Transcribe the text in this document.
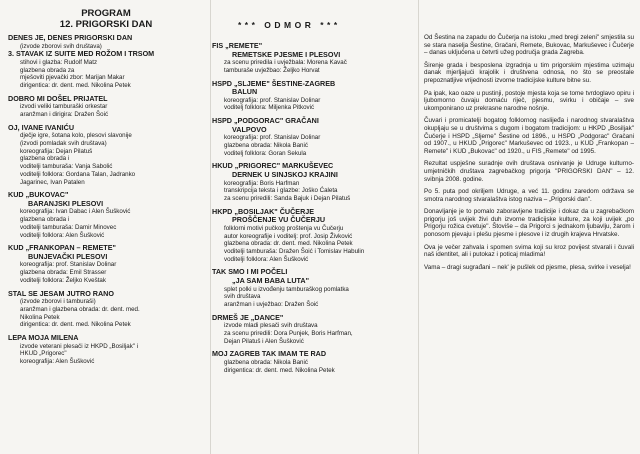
PROGRAM
12. PRIGORSKI DAN
DENES JE, DENES PRIGORSKI DAN
(izvode zborovi svih društava)
3. STAVAK IZ SUITE MED ROŽOM I TRSOM
stihovi i glazba: Rudolf Matz
glazbena obrada za
mješoviti pjevački zbor: Marijan Makar
dirigentica: dr. dent. med. Nikolina Petek
DOBRO MI DOŠEL PRIJATEL
izvodi veliki tamburaški orkestar
aranžman i dirigira: Dražen Šoić
OJ, IVANE IVANIĆU
dječje igre, šotana kolo, plesovi slavonije
(izvodi pomladak svih društava)
koreografija: Dejan Pilatuš
glazbena obrada i
voditelji tamburaša: Vanja Sabolić
voditelji folklora: Gordana Talan, Jadranko
Jagarinec, Ivan Patalen
KUD „BUKOVAC"
BARANJSKI PLESOVI
koreografija: Ivan Dabac i Alen Šušković
glazbena obrada i
voditelji tamburaša: Damir Minovec
voditelji folklora: Alen Šušković
KUD „FRANKOPAN – REMETE"
BUNJEVAČKI PLESOVI
koreografija: prof. Stanislav Dolinar
glazbena obrada: Emil Strasser
voditelji folklora: Željko Kveštak
STAL SE JESAM JUTRO RANO
(izvode zborovi i tamburaši)
aranžman i glazbena obrada: dr. dent. med.
Nikolina Petek
dirigentica: dr. dent. med. Nikolina Petek
LEPA MOJA MILENA
izvode veterani plesači iz HKPD „Bosiljak" i
HKUD „Prigorec"
koreografija: Alen Šušković
*** ODMOR ***
FIS „REMETE"
REMETSKE PJESME I PLESOVI
za scenu priredila i uvježbala: Morena Kavač
tamburaše uvježbao: Željko Horvat
HSPD „SLJEME" ŠESTINE-ZAGREB
BALUN
koreografija: prof. Stanislav Dolinar
voditelj folklora: Miljenka Pitković
HSPD „PODGORAC" GRAČANI
VALPOVO
koreografija: prof. Stanislav Dolinar
glazbena obrada: Nikola Banić
voditelj folklora: Goran Sekula
HKUD „PRIGOREC" MARKUŠEVEC
DERNEK U SINJSKOJ KRAJINI
koreografija: Boris Harfman
transkripcija teksta i glazbe: Joško Ćaleta
za scenu priredili: Sanda Bajuk i Dejan Pilatuš
HKPD „BOSILJAK" ČUČERJE
PROŠČENJE VU ČUČERJU
folklorni motivi pučkog proštenja vu Čučerju
autor koreografije i voditelj: prof. Josip Živković
glazbena obrada: dr. dent. med. Nikolina Petek
voditelji tamburaša: Dražen Šoić i Tomislav Habulin
voditelji folklora: Alen Šušković
TAK SMO I MI POČELI
„JA SAM BABA LUTA"
splet polki u izvođenju tamburaškog pomlatka
svih društava
aranžman i uvježbao: Dražen Šoić
DRMEŠ JE „DANCE"
izvode mladi plesači svih društava
za scenu priredili: Dora Punjek, Boris Harfman,
Dejan Pilatuš i Alen Šušković
MOJ ZAGREB TAK IMAM TE RAD
glazbena obrada: Nikola Banić
dirigentica: dr. dent. med. Nikolina Petek

Od Šestina na zapadu do Čučerja na istoku „med bregi zeleni" smjestila su se stara naselja Šestine, Gračani, Remete, Bukovac, Markuševec i Čučerje – danas uključena u četvrti užeg područja grada Zagreba.

Širenje grada i besposlena izgradnja u tim prigorskim mjestima uzimaju danak mjerljajući krajolik i društvena odnosa, no što se preostale prepoznatljive vrijednosti izvorne tradicijske kulture bitne su.

Pa ipak, kao oaze u pustinji, postoje mjesta koja se tome tvrdoglavo opiru i ljubomorno čuvaju domaću riječ, pjesmu, svirku i običaje – sve ukomponirano uz prekrasne narodne nošnje.

Čuvari i promicatelji bogatog folklornog naslijeđa i narodnog stvaralaštva okupljaju se u društvima s dugom i bogatom tradicijom: u HKPD „Bosiljak" Čučerje i HSPD „Sljeme" Šestine od 1896., u HSPD „Podgorac" Gračani od 1907., u HKUD „Prigorec" Markuševec od 1923., u KUD „Frankopan – Remete" i KUD „Bukovac" od 1920., u FIS „Remete" od 1995.

Rezultat uspješne suradnje ovih društava osnivanje je Udruge kulturno-umjetničkih društava zagrebačkog prigorja "PRIGORSKI DAN" – 12. svibnja 2008. godine.

Po 5. puta pod okriljem Udruge, a već 11. godinu zaredom održava se smotra narodnog stvaralaštva istog naziva – „Prigorski dan".

Donavljanje je to pomalo zaboravljene tradicije i dokaz da u zagrebačkom prigorju još uvijek živi duh izvorne tradicijske kulture, za koji uvijek „po Prigorju rožica cvetuje". Štoviše – da Prigorci s jednakom ljubavlju, žarom i ponosom pjevaju i plešu pjesme i plesove i iz drugih krajeva Hrvatske.

Ova je večer zahvala i spomen svima koji su kroz povijest stvarali i čuvali naš identitet, ali i putokaz i poticaj mladima!

Vama – dragi sugrađani – nek' je pušlek od pjesme, plesa, svirke i veselja!
